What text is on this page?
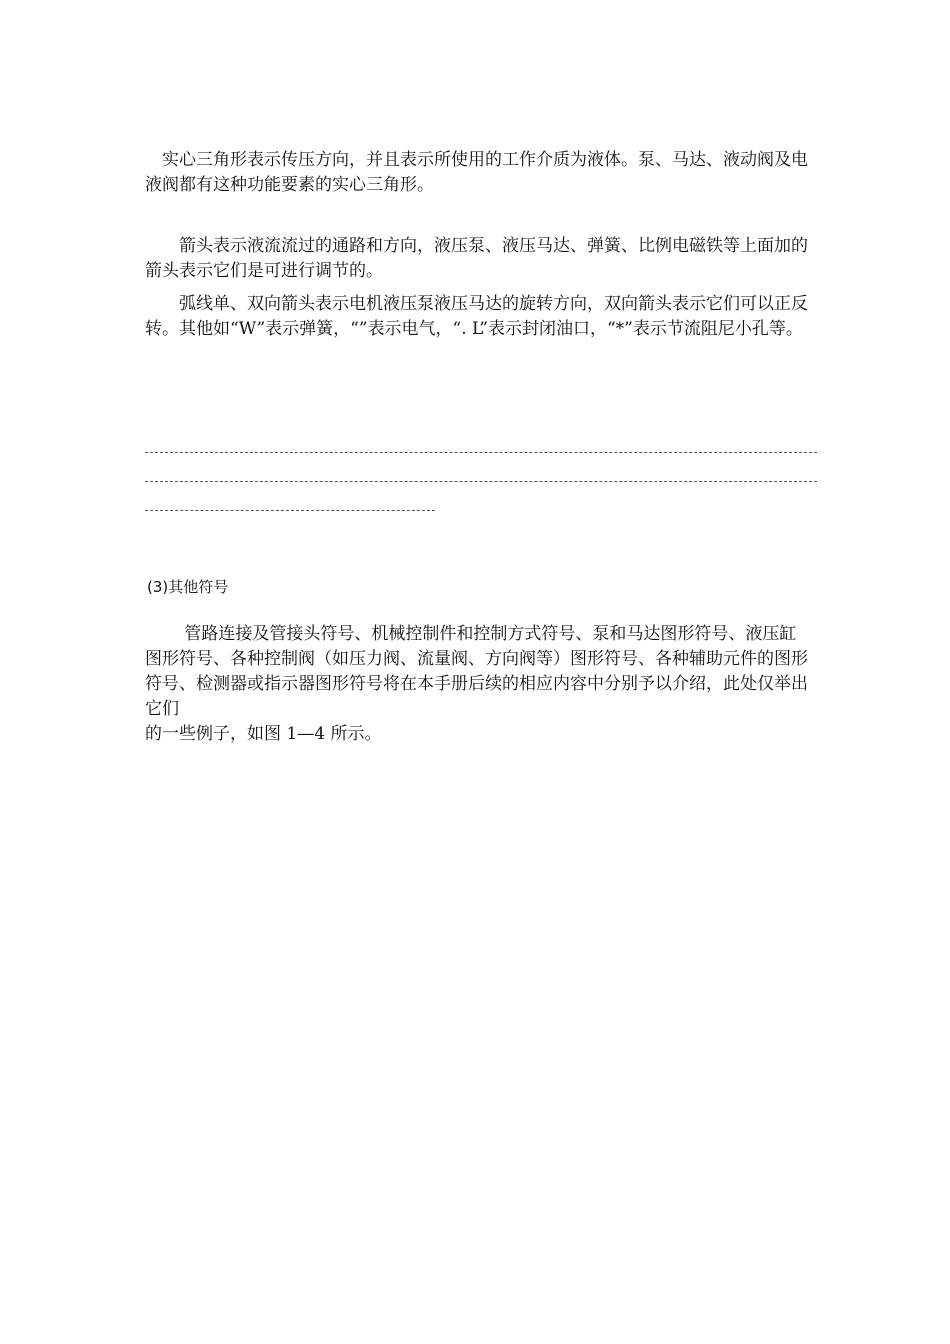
　实心三角形表示传压方向，并且表示所使用的工作介质为液体。泵、马达、液动阀及电液阀都有这种功能要素的实心三角形。

　　箭头表示液流流过的通路和方向，液压泵、液压马达、弹簧、比例电磁铁等上面加的箭头表示它们是可进行调节的。

　　弧线单、双向箭头表示电机液压泵液压马达的旋转方向，双向箭头表示它们可以正反转。其他如“W”表示弹簧，“”表示电气，“. L”表示封闭油口，“*”表示节流阻尼小孔等。

(3)其他符号

　　 管路连接及管接头符号、机械控制件和控制方式符号、泵和马达图形符号、液压缸图形符号、各种控制阀（如压力阀、流量阀、方向阀等）图形符号、各种辅助元件的图形符号、检测器或指示器图形符号将在本手册后续的相应内容中分别予以介绍，此处仅举出它们
的一些例子，如图 1—4 所示。
